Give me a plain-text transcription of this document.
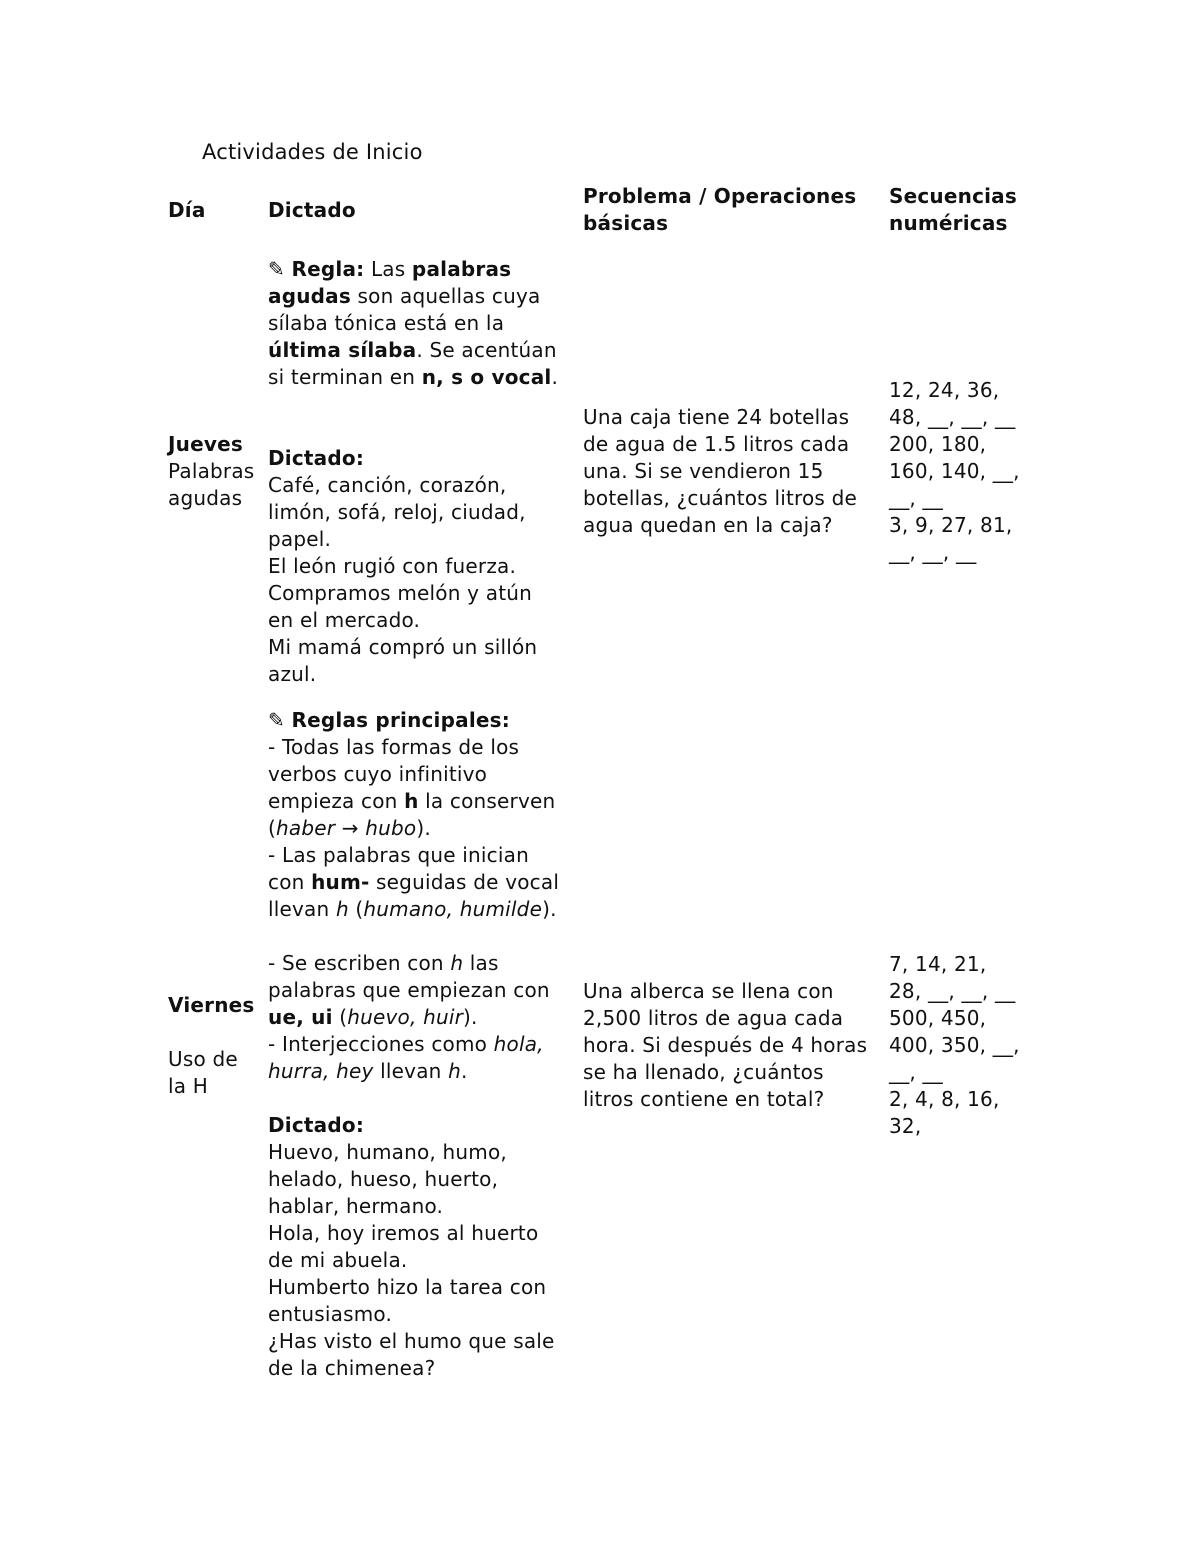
Actividades de Inicio
Día	Dictado
Problema / Operaciones
básicas
Secuencias
numéricas
Jueves
Palabras
agudas
✎ Regla: Las palabras
agudas son aquellas cuya
sílaba tónica está en la
última sílaba. Se acentúan
si terminan en n, s o vocal.
Dictado:
Café, canción, corazón,
limón, sofá, reloj, ciudad,
papel.
El león rugió con fuerza.
Compramos melón y atún
en el mercado.
Mi mamá compró un sillón
azul.
Una caja tiene 24 botellas
de agua de 1.5 litros cada
una. Si se vendieron 15
botellas, ¿cuántos litros de
agua quedan en la caja?
12, 24, 36,
48, __, __, __
200, 180,
160, 140, __,
__, __
3, 9, 27, 81,
__, __, __
Viernes
Uso de
la H
✎ Reglas principales:
- Todas las formas de los
verbos cuyo infinitivo
empieza con h la conserven
(haber → hubo).
- Las palabras que inician
con hum- seguidas de vocal
llevan h (humano, humilde).
- Se escriben con h las
palabras que empiezan con
ue, ui (huevo, huir).
- Interjecciones como hola,
hurra, hey llevan h.
Dictado:
Huevo, humano, humo,
helado, hueso, huerto,
hablar, hermano.
Hola, hoy iremos al huerto
de mi abuela.
Humberto hizo la tarea con
entusiasmo.
¿Has visto el humo que sale
de la chimenea?
Una alberca se llena con
2,500 litros de agua cada
hora. Si después de 4 horas
se ha llenado, ¿cuántos
litros contiene en total?
7, 14, 21,
28, __, __, __
500, 450,
400, 350, __,
__, __
2, 4, 8, 16,
32,
